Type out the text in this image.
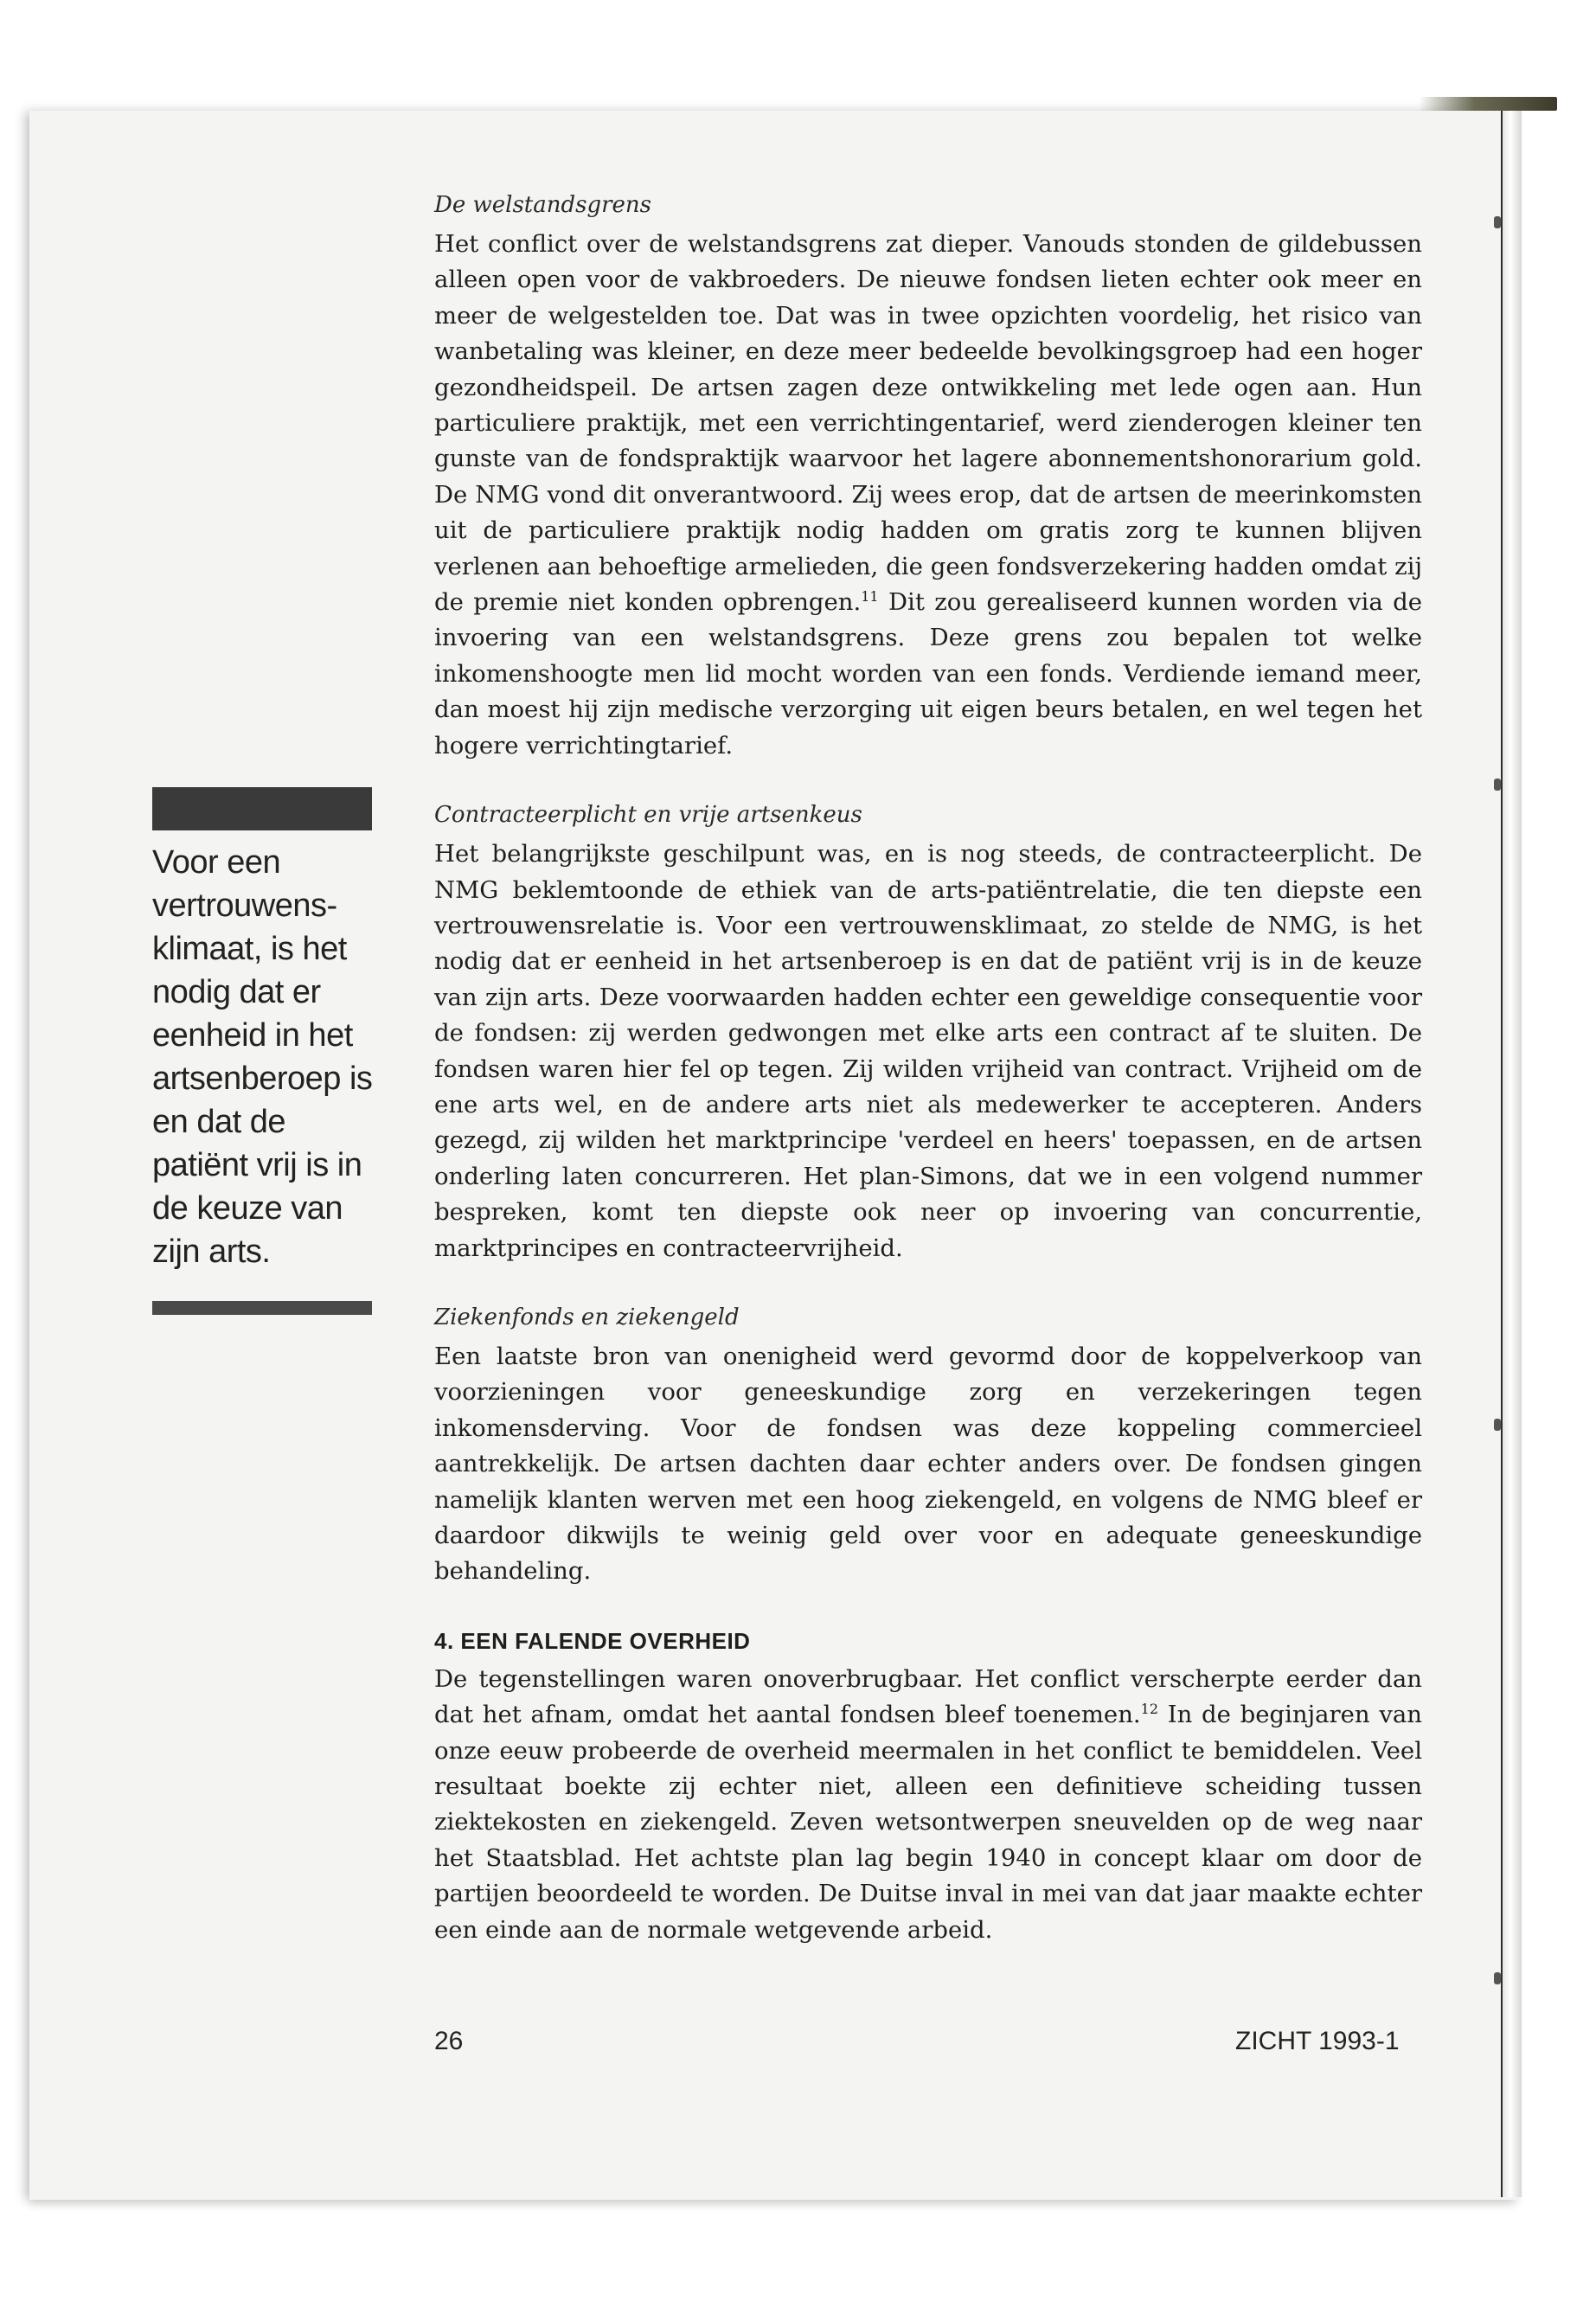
Voor een vertrouwens-klimaat, is het nodig dat er eenheid in het artsenberoep is en dat de patiënt vrij is in de keuze van zijn arts.
De welstandsgrens

Het conflict over de welstandsgrens zat dieper. Vanouds stonden de gildebussen alleen open voor de vakbroeders. De nieuwe fondsen lieten echter ook meer en meer de welgestelden toe. Dat was in twee opzichten voordelig, het risico van wanbetaling was kleiner, en deze meer bedeelde bevolkingsgroep had een hoger gezondheidspeil. De artsen zagen deze ontwikkeling met lede ogen aan. Hun particuliere praktijk, met een verrichtingentarief, werd zienderogen kleiner ten gunste van de fondspraktijk waarvoor het lagere abonnementshonorarium gold. De NMG vond dit onverantwoord. Zij wees erop, dat de artsen de meerinkomsten uit de particuliere praktijk nodig hadden om gratis zorg te kunnen blijven verlenen aan behoeftige armelieden, die geen fondsverzekering hadden omdat zij de premie niet konden opbrengen.$^{11}$ Dit zou gerealiseerd kunnen worden via de invoering van een welstandsgrens. Deze grens zou bepalen tot welke inkomenshoogte men lid mocht worden van een fonds. Verdiende iemand meer, dan moest hij zijn medische verzorging uit eigen beurs betalen, en wel tegen het hogere verrichtingtarief.

Contracteerplicht en vrije artsenkeus

Het belangrijkste geschilpunt was, en is nog steeds, de contracteerplicht. De NMG beklemtoonde de ethiek van de arts-patiëntrelatie, die ten diepste een vertrouwensrelatie is. Voor een vertrouwensklimaat, zo stelde de NMG, is het nodig dat er eenheid in het artsenberoep is en dat de patiënt vrij is in de keuze van zijn arts. Deze voorwaarden hadden echter een geweldige consequentie voor de fondsen: zij werden gedwongen met elke arts een contract af te sluiten. De fondsen waren hier fel op tegen. Zij wilden vrijheid van contract. Vrijheid om de ene arts wel, en de andere arts niet als medewerker te accepteren. Anders gezegd, zij wilden het marktprincipe 'verdeel en heers' toepassen, en de artsen onderling laten concurreren. Het plan-Simons, dat we in een volgend nummer bespreken, komt ten diepste ook neer op invoering van concurrentie, marktprincipes en contracteervrijheid.

Ziekenfonds en ziekengeld

Een laatste bron van onenigheid werd gevormd door de koppelverkoop van voorzieningen voor geneeskundige zorg en verzekeringen tegen inkomensderving. Voor de fondsen was deze koppeling commercieel aantrekkelijk. De artsen dachten daar echter anders over. De fondsen gingen namelijk klanten werven met een hoog ziekengeld, en volgens de NMG bleef er daardoor dikwijls te weinig geld over voor en adequate geneeskundige behandeling.

4. EEN FALENDE OVERHEID

De tegenstellingen waren onoverbrugbaar. Het conflict verscherpte eerder dan dat het afnam, omdat het aantal fondsen bleef toenemen.$^{12}$ In de beginjaren van onze eeuw probeerde de overheid meermalen in het conflict te bemiddelen. Veel resultaat boekte zij echter niet, alleen een definitieve scheiding tussen ziektekosten en ziekengeld. Zeven wetsontwerpen sneuvelden op de weg naar het Staatsblad. Het achtste plan lag begin 1940 in concept klaar om door de partijen beoordeeld te worden. De Duitse inval in mei van dat jaar maakte echter een einde aan de normale wetgevende arbeid.

26	ZICHT 1993-1
